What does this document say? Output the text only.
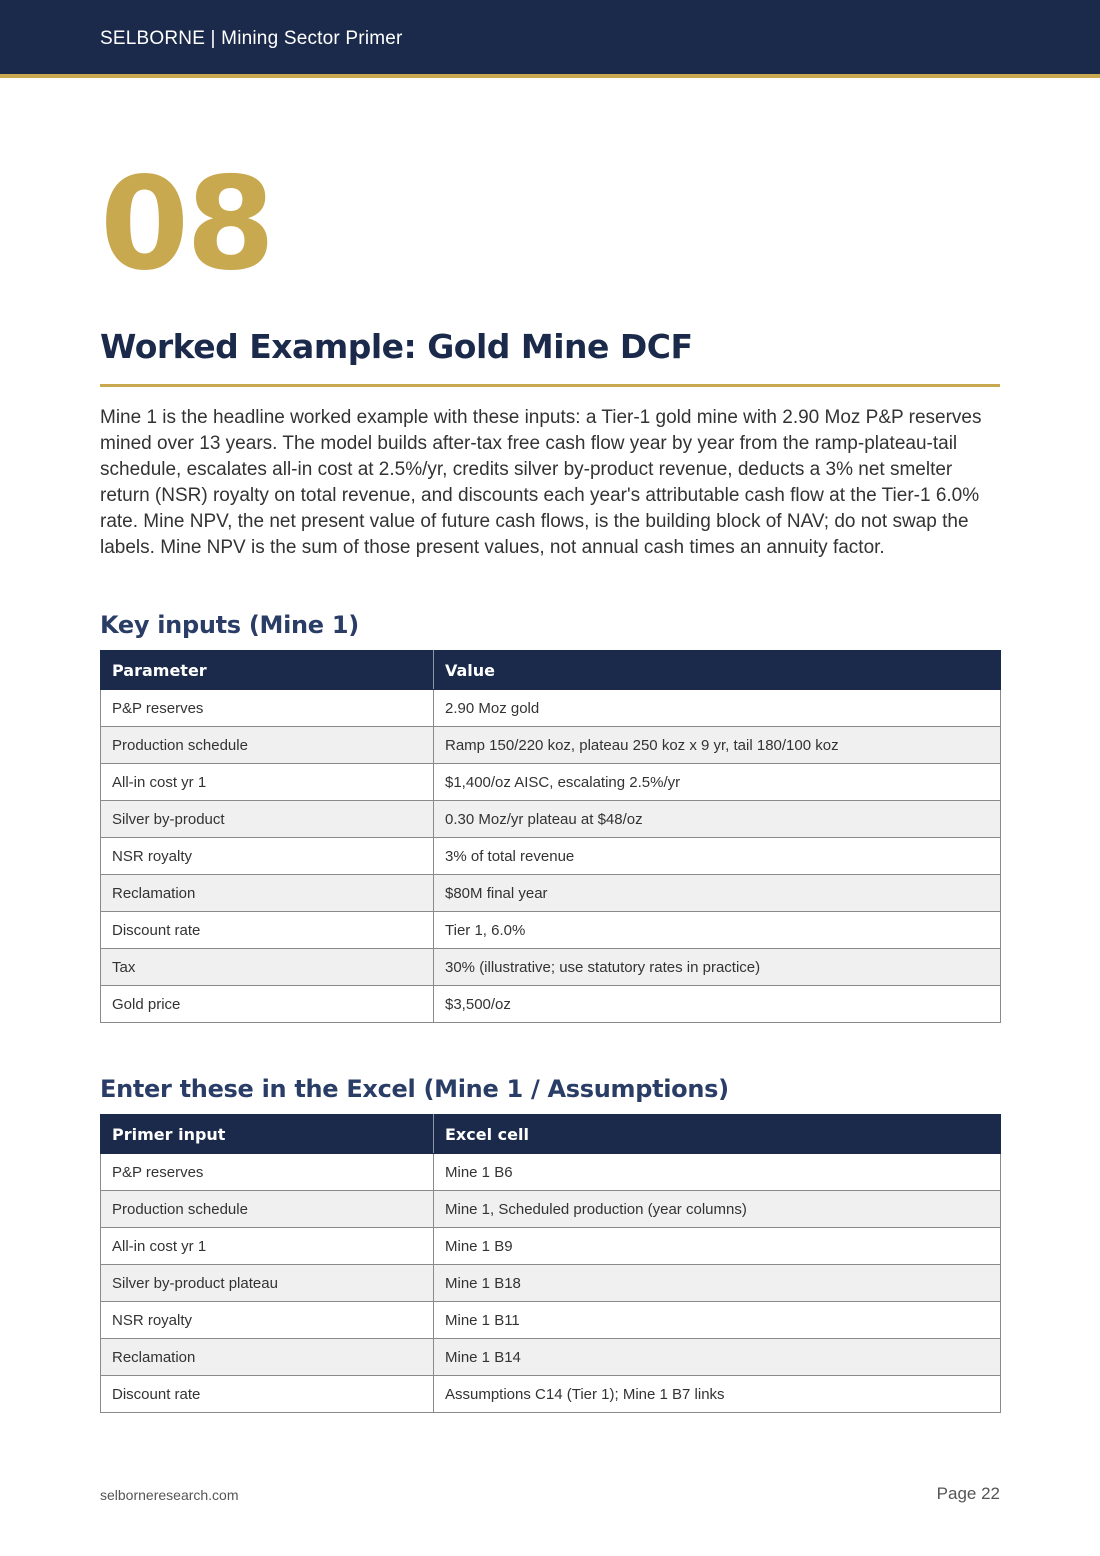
SELBORNE | Mining Sector Primer
08
Worked Example: Gold Mine DCF

Mine 1 is the headline worked example with these inputs: a Tier-1 gold mine with 2.90 Moz P&P reserves mined over 13 years. The model builds after-tax free cash flow year by year from the ramp-plateau-tail schedule, escalates all-in cost at 2.5%/yr, credits silver by-product revenue, deducts a 3% net smelter return (NSR) royalty on total revenue, and discounts each year's attributable cash flow at the Tier-1 6.0% rate. Mine NPV, the net present value of future cash flows, is the building block of NAV; do not swap the labels. Mine NPV is the sum of those present values, not annual cash times an annuity factor.

Key inputs (Mine 1)
Parameter	Value
P&P reserves	2.90 Moz gold
Production schedule	Ramp 150/220 koz, plateau 250 koz x 9 yr, tail 180/100 koz
All-in cost yr 1	$1,400/oz AISC, escalating 2.5%/yr
Silver by-product	0.30 Moz/yr plateau at $48/oz
NSR royalty	3% of total revenue
Reclamation	$80M final year
Discount rate	Tier 1, 6.0%
Tax	30% (illustrative; use statutory rates in practice)
Gold price	$3,500/oz
Enter these in the Excel (Mine 1 / Assumptions)
Primer input	Excel cell
P&P reserves	Mine 1 B6
Production schedule	Mine 1, Scheduled production (year columns)
All-in cost yr 1	Mine 1 B9
Silver by-product plateau	Mine 1 B18
NSR royalty	Mine 1 B11
Reclamation	Mine 1 B14
Discount rate	Assumptions C14 (Tier 1); Mine 1 B7 links
selborneresearch.com	Page 22
